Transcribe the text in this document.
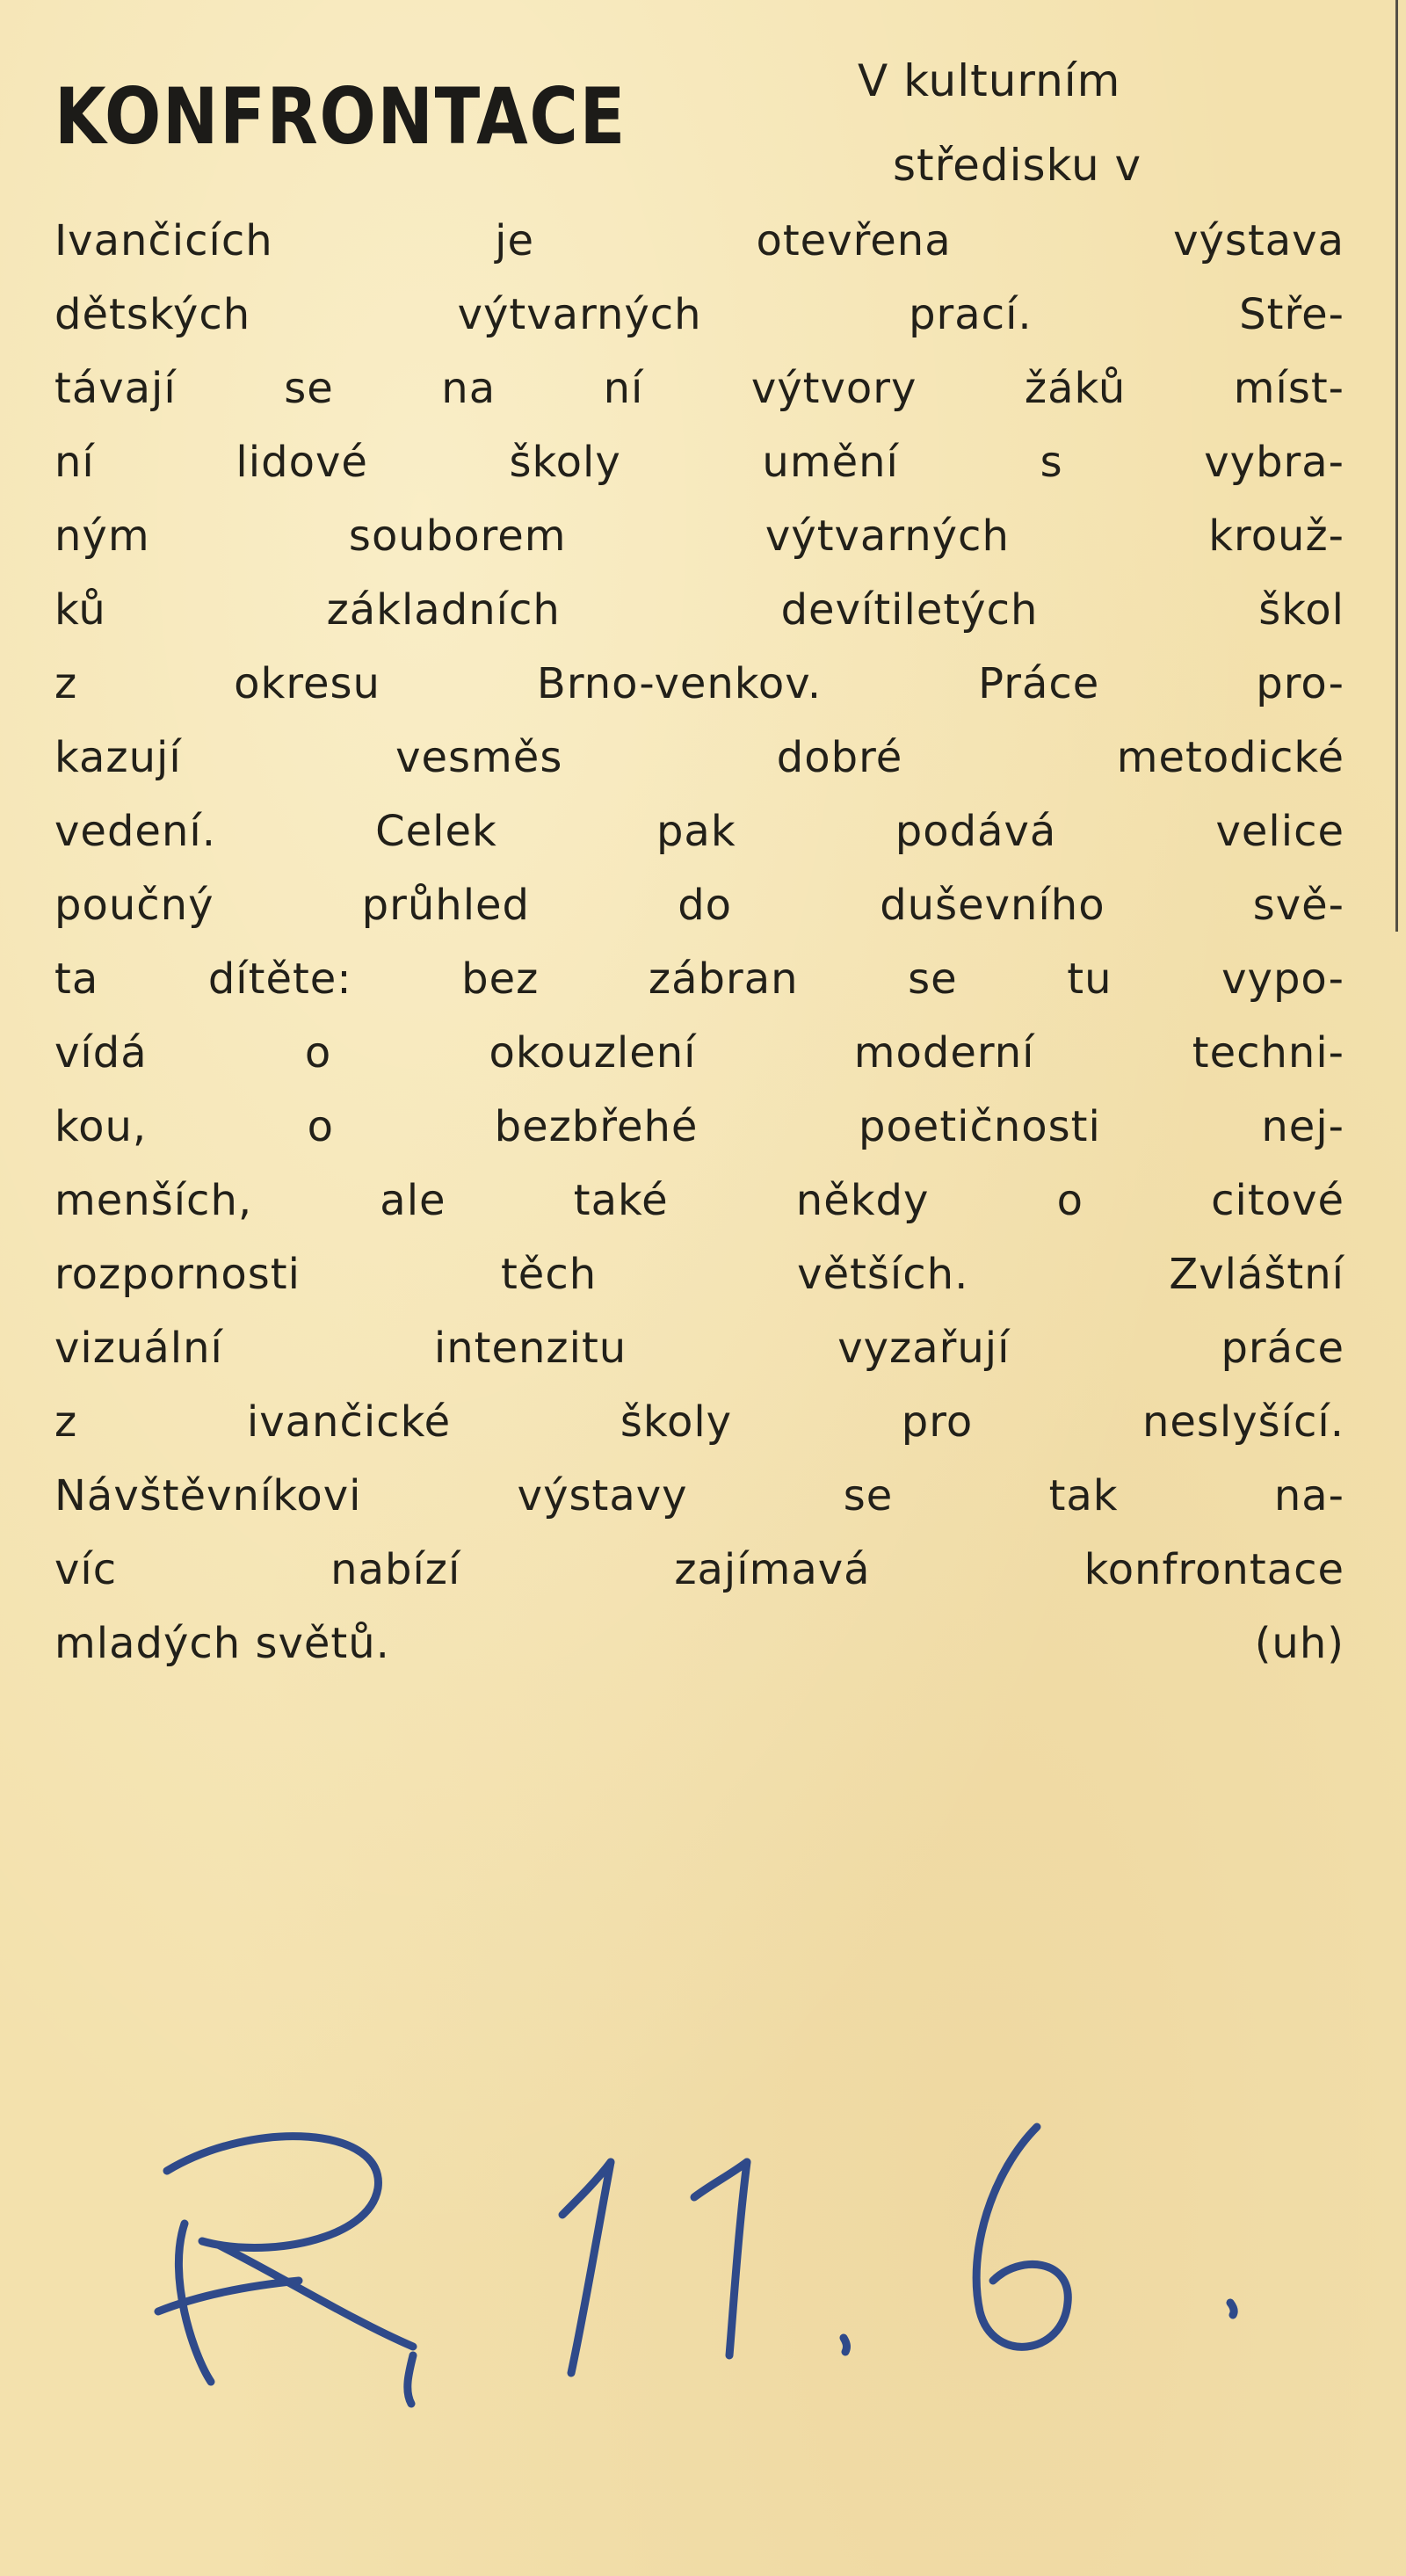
KONFRONTACE	V kulturním

středisku v

Ivančicích je otevřena výstava
dětských výtvarných prací. Stře-
távají se na ní výtvory žáků míst-
ní lidové školy umění s vybra-
ným souborem výtvarných krouž-
ků základních devítiletých škol
z okresu Brno-venkov. Práce pro-
kazují vesměs dobré metodické
vedení. Celek pak podává velice
poučný průhled do duševního svě-
ta dítěte: bez zábran se tu vypo-
vídá o okouzlení moderní techni-
kou, o bezbřehé poetičnosti nej-
menších, ale také někdy o citové
rozpornosti těch větších. Zvláštní
vizuální intenzitu vyzařují práce
z ivančické školy pro neslyšící.
Návštěvníkovi výstavy se tak na-
víc nabízí zajímavá konfrontace
mladých světů.	(uh)
